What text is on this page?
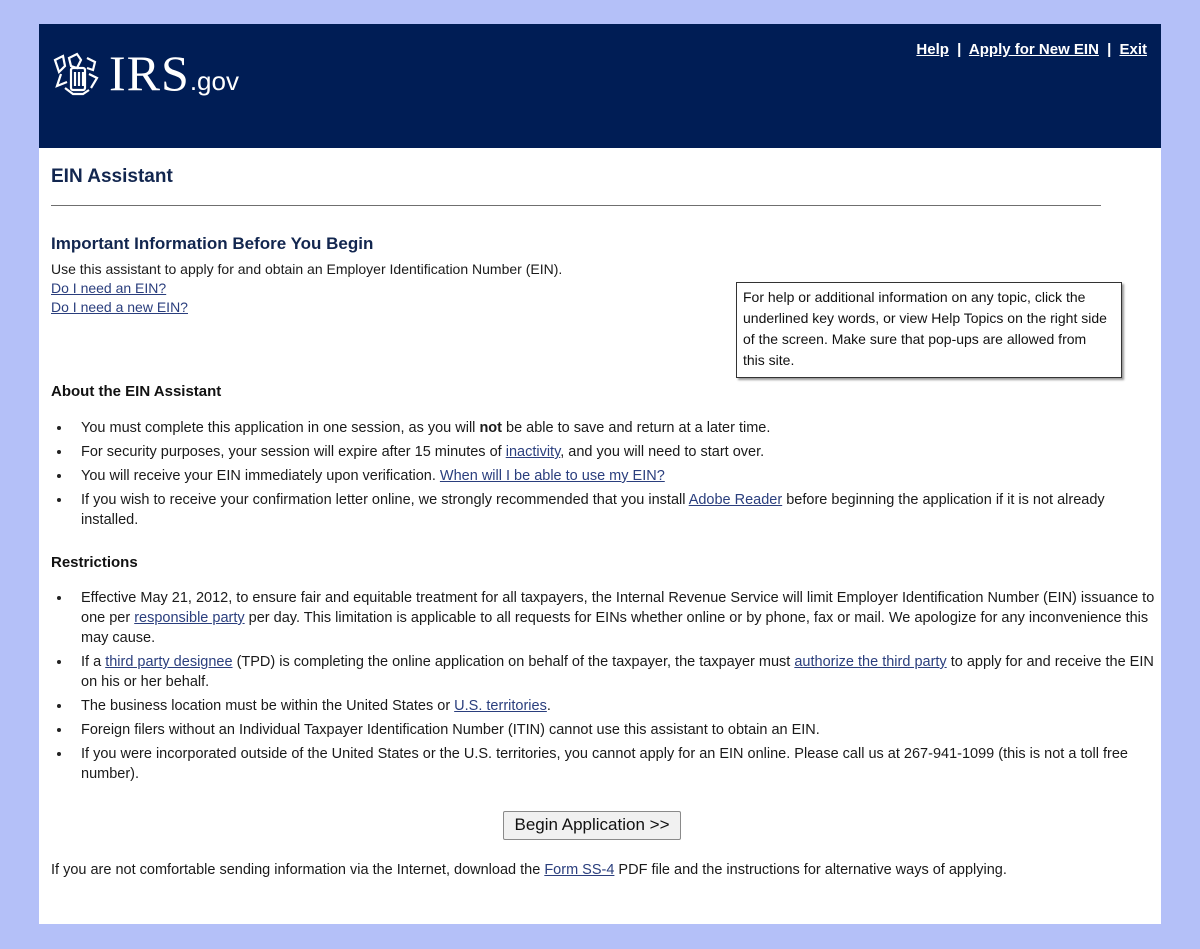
IRS .gov
Help | Apply for New EIN | Exit
EIN Assistant
Important Information Before You Begin
Use this assistant to apply for and obtain an Employer Identification Number (EIN).
Do I need an EIN?
Do I need a new EIN?
For help or additional information on any topic, click the underlined key words, or view Help Topics on the right side of the screen. Make sure that pop-ups are allowed from this site.
About the EIN Assistant
You must complete this application in one session, as you will not be able to save and return at a later time.
For security purposes, your session will expire after 15 minutes of inactivity, and you will need to start over.
You will receive your EIN immediately upon verification. When will I be able to use my EIN?
If you wish to receive your confirmation letter online, we strongly recommended that you install Adobe Reader before beginning the application if it is not already installed.
Restrictions
Effective May 21, 2012, to ensure fair and equitable treatment for all taxpayers, the Internal Revenue Service will limit Employer Identification Number (EIN) issuance to one per responsible party per day. This limitation is applicable to all requests for EINs whether online or by phone, fax or mail. We apologize for any inconvenience this may cause.
If a third party designee (TPD) is completing the online application on behalf of the taxpayer, the taxpayer must authorize the third party to apply for and receive the EIN on his or her behalf.
The business location must be within the United States or U.S. territories.
Foreign filers without an Individual Taxpayer Identification Number (ITIN) cannot use this assistant to obtain an EIN.
If you were incorporated outside of the United States or the U.S. territories, you cannot apply for an EIN online. Please call us at 267-941-1099 (this is not a toll free number).
Begin Application >>
If you are not comfortable sending information via the Internet, download the Form SS-4 PDF file and the instructions for alternative ways of applying.
